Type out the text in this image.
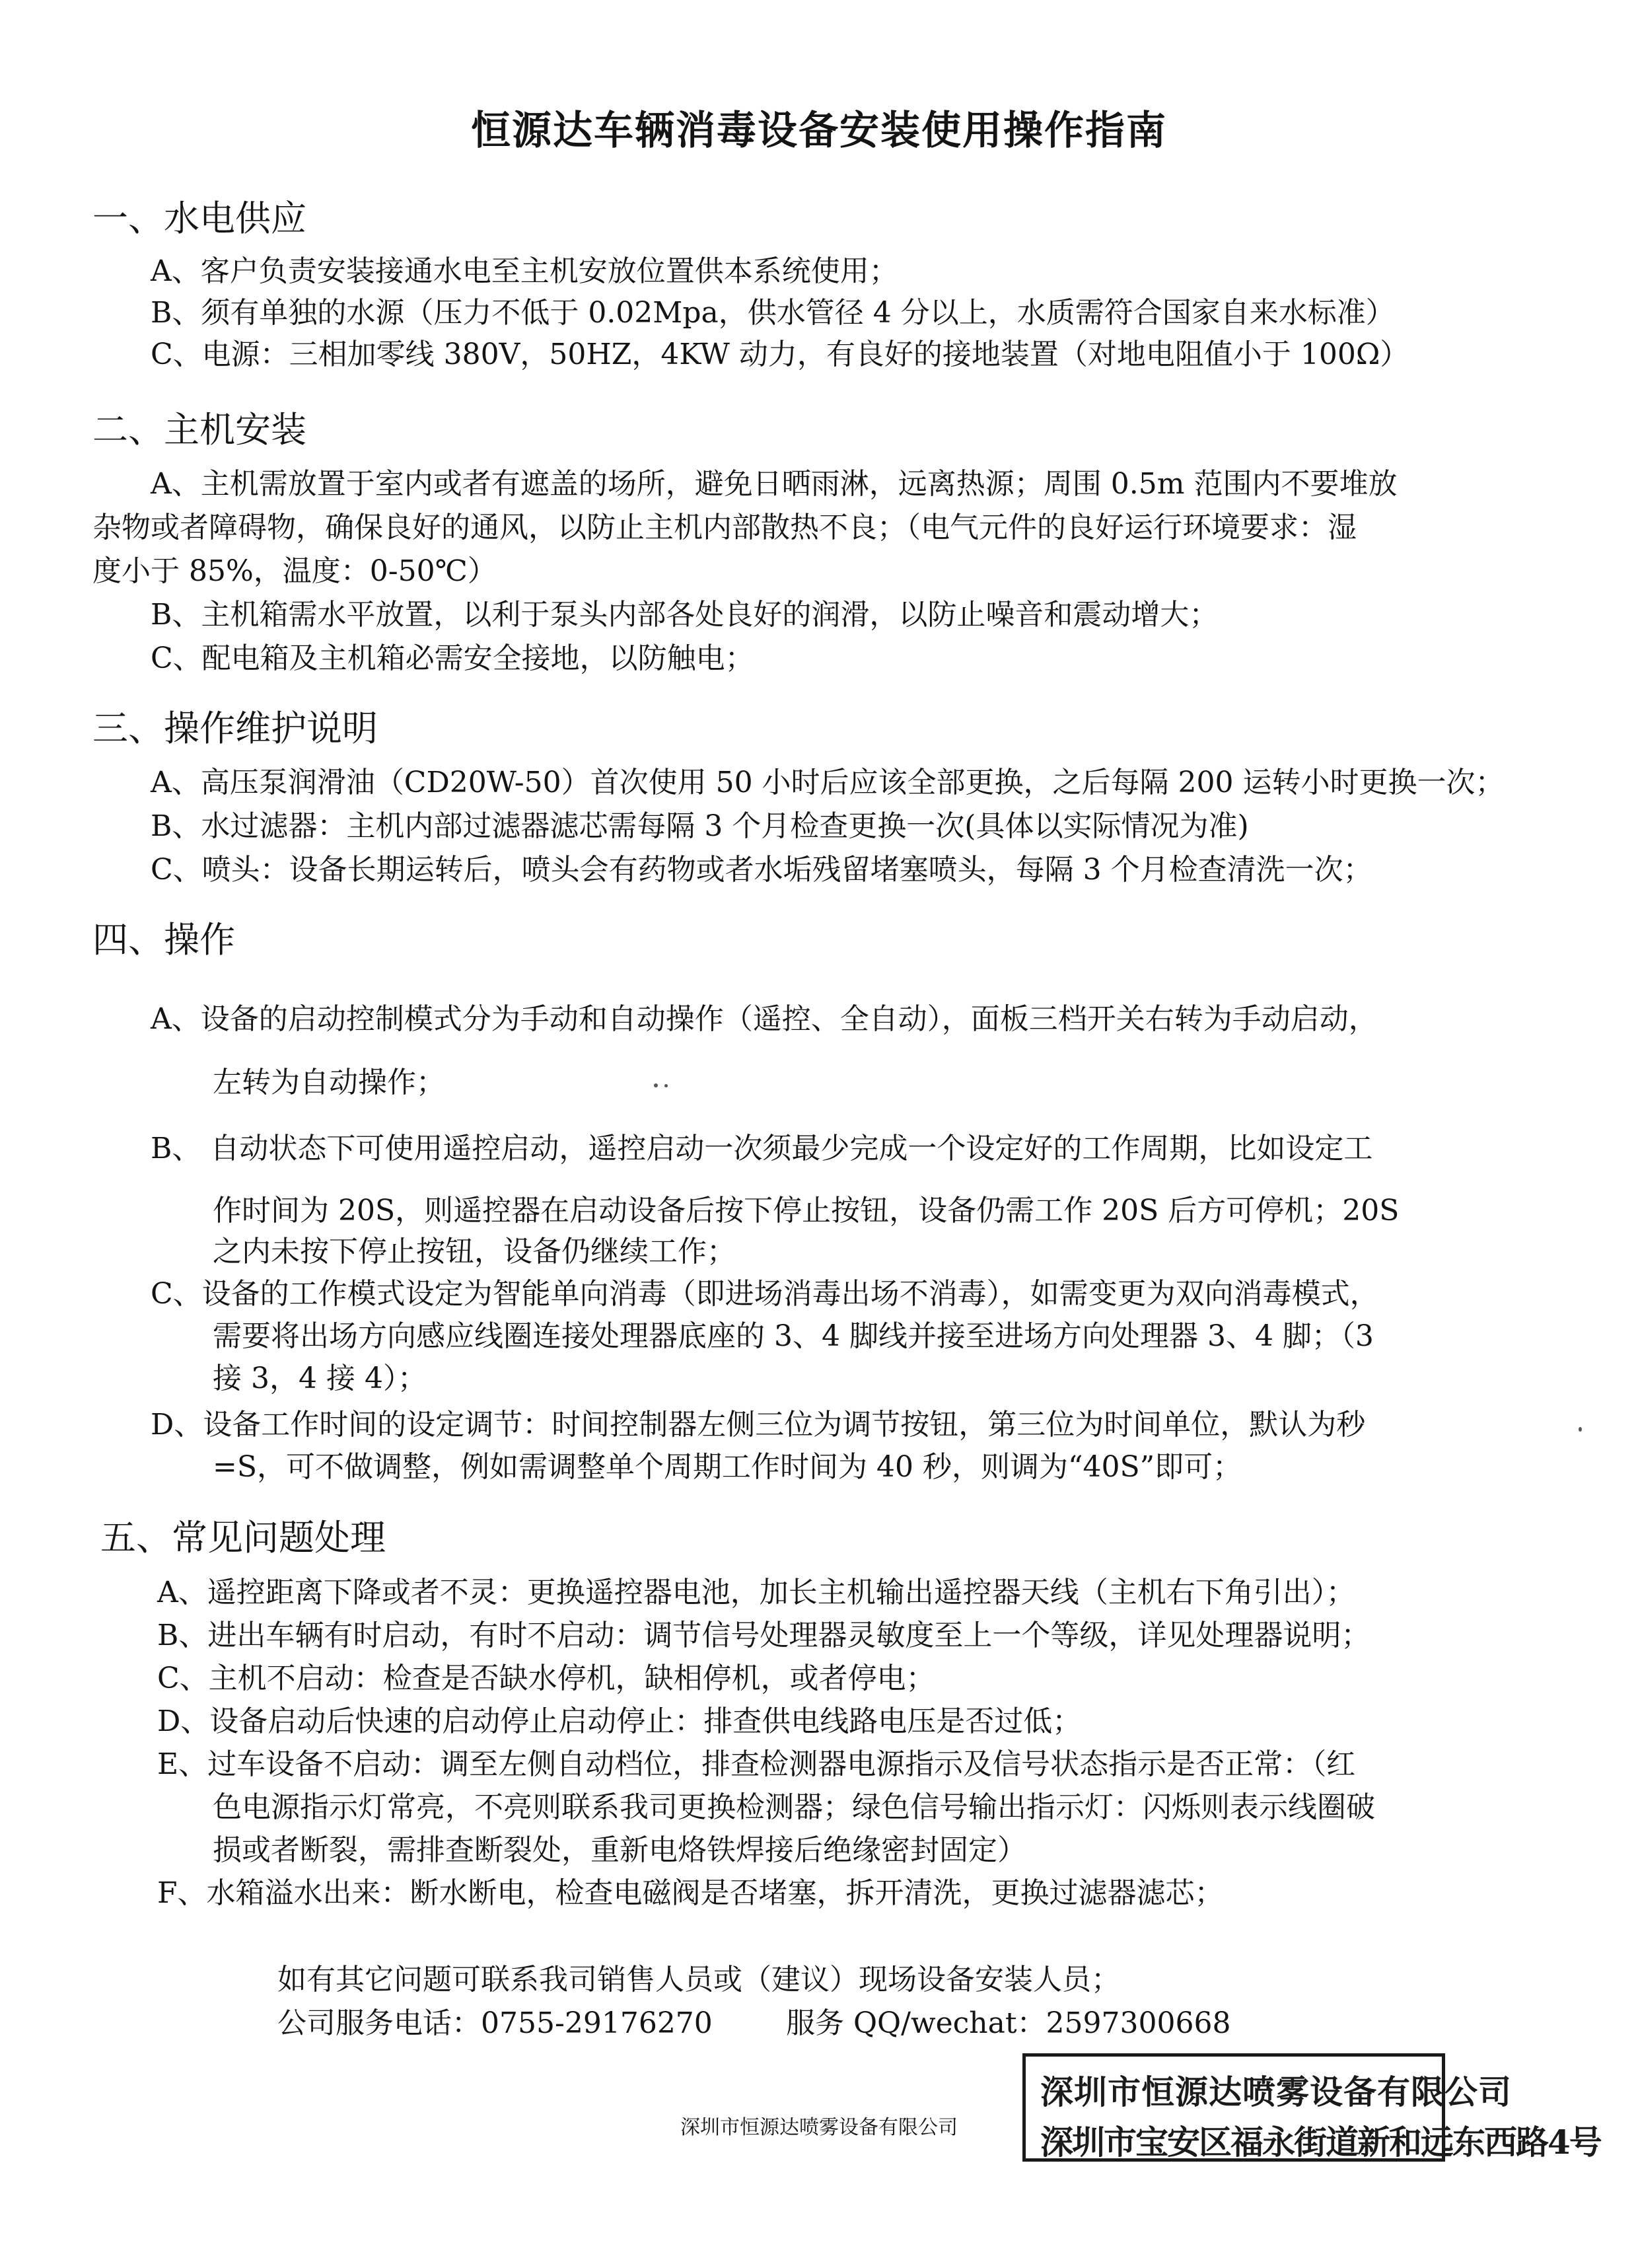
恒源达车辆消毒设备安装使用操作指南
一、水电供应
A、客户负责安装接通水电至主机安放位置供本系统使用；
B、须有单独的水源（压力不低于 0.02Mpa，供水管径 4 分以上，水质需符合国家自来水标准）
C、电源：三相加零线 380V，50HZ，4KW 动力，有良好的接地装置（对地电阻值小于 100Ω）
二、主机安装
A、主机需放置于室内或者有遮盖的场所，避免日晒雨淋，远离热源；周围 0.5m 范围内不要堆放
杂物或者障碍物，确保良好的通风，以防止主机内部散热不良；（电气元件的良好运行环境要求：湿
度小于 85%，温度：0-50℃）
B、主机箱需水平放置，以利于泵头内部各处良好的润滑，以防止噪音和震动增大；
C、配电箱及主机箱必需安全接地，以防触电；
三、操作维护说明
A、高压泵润滑油（CD20W-50）首次使用 50 小时后应该全部更换，之后每隔 200 运转小时更换一次；
B、水过滤器：主机内部过滤器滤芯需每隔 3 个月检查更换一次(具体以实际情况为准)
C、喷头：设备长期运转后，喷头会有药物或者水垢残留堵塞喷头，每隔 3 个月检查清洗一次；
四、操作
A、设备的启动控制模式分为手动和自动操作（遥控、全自动），面板三档开关右转为手动启动，
左转为自动操作；
B、 自动状态下可使用遥控启动，遥控启动一次须最少完成一个设定好的工作周期，比如设定工
作时间为 20S，则遥控器在启动设备后按下停止按钮，设备仍需工作 20S 后方可停机；20S
之内未按下停止按钮，设备仍继续工作；
C、设备的工作模式设定为智能单向消毒（即进场消毒出场不消毒），如需变更为双向消毒模式，
需要将出场方向感应线圈连接处理器底座的 3、4 脚线并接至进场方向处理器 3、4 脚；（3
接 3，4 接 4）；
D、设备工作时间的设定调节：时间控制器左侧三位为调节按钮，第三位为时间单位，默认为秒
=S，可不做调整，例如需调整单个周期工作时间为 40 秒，则调为“40S”即可；
五、常见问题处理
A、遥控距离下降或者不灵：更换遥控器电池，加长主机输出遥控器天线（主机右下角引出）；
B、进出车辆有时启动，有时不启动：调节信号处理器灵敏度至上一个等级，详见处理器说明；
C、主机不启动：检查是否缺水停机，缺相停机，或者停电；
D、设备启动后快速的启动停止启动停止：排查供电线路电压是否过低；
E、过车设备不启动：调至左侧自动档位，排查检测器电源指示及信号状态指示是否正常：（红
色电源指示灯常亮，不亮则联系我司更换检测器；绿色信号输出指示灯：闪烁则表示线圈破
损或者断裂，需排查断裂处，重新电烙铁焊接后绝缘密封固定）
F、水箱溢水出来：断水断电，检查电磁阀是否堵塞，拆开清洗，更换过滤器滤芯；
如有其它问题可联系我司销售人员或（建议）现场设备安装人员；
公司服务电话：0755-29176270	服务 QQ/wechat：2597300668
深圳市恒源达喷雾设备有限公司
深圳市恒源达喷雾设备有限公司
深圳市宝安区福永街道新和远东西路4号
